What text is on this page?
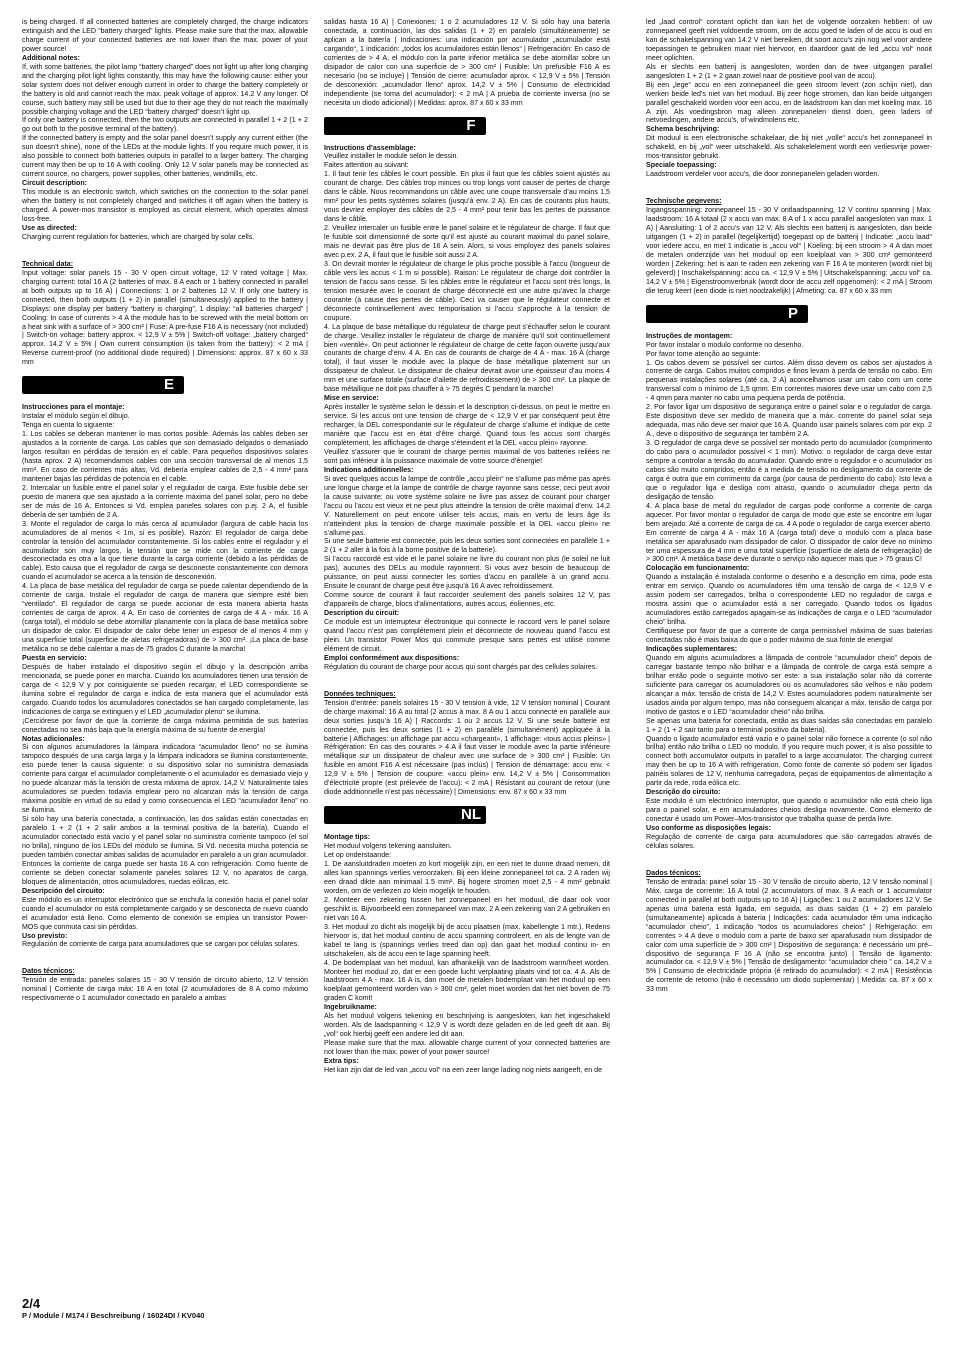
is being charged. If all connected batteries are completely charged, the charge indicators extinguish and the LED “battery charged” lights. Please make sure that the max. allowable charge current of your connected batteries are not lower than the max. power of your power source!

Additional notes:

If, with some batteries, the pilot lamp “battery charged” does not light up after long charging and the charging pilot light lights constantly, this may have the following cause: either your solar system does not deliver enough current in order to charge the battery completely or the battery is old and cannot reach the max. peak voltage of approx. 14.2 V any longer. Of course, such battery may still be used but due to their age they do not reach the maximally possible charging voltage and the LED “battery charged” doesn’t light up.

If only one battery is connected, then the two outputs are connected in parallel 1 + 2 (1 + 2 go out both to the positive terminal of the battery).

If the connected battery is empty and the solar panel doesn’t supply any current either (the sun doesn’t shine), none of the LEDs at the module lights. If you require much power, it is also possible to connect both batteries outputs in parallel to a larger battery. The charging current may then be up to 16 A with cooling. Only 12 V solar panels may be connected as current source, no chargers, power supplies, other batteries, windmills, etc.

Circuit description:

This module is an electronic switch, which switches on the connection to the solar panel when the battery is not completely charged and switches it off again when the battery is charged. A power-mos transistor is employed as circuit element, which operates almost loss-free.

Use as directed:

Charging current regulation for batteries, which are charged by solar cells.

Technical data:

Input voltage: solar panels 15 - 30 V open circuit voltage, 12 V rated voltage | Max. charging current: total 16 A (2 batteries of max. 8 A each or 1 battery connected in parallel at both outputs up to 16 A) | Connections: 1 or 2 batteries 12 V. If only one battery is connected, then both outputs (1 + 2) in parallel (simultaneously) applied to the battery | Displays: one display per battery “battery is charging”, 1 display: “all batteries charged” | Cooling: In case of currents > 4 A the module has to be screwed with the metal bottom on a heat sink with a surface of > 300 cm² | Fuse: A pre-fuse F16 A is necessary (not included) | Switch-on voltage: battery approx. < 12,9 V ± 5% | Switch-off voltage: „battery charged“ approx. 14,2 V ± 5% | Own current consumption (is taken from the battery): < 2 mA | Reverse current-proof (no additional diode required) | Dimensions: approx. 87 x 60 x 33 mm

E

Instrucciones para el montaje:

Instalar el módulo según el dibujo.

Tenga en cuenta lo siguiente:

1. Los cables se deberan mantener lo mas cortos posible. Además los cables deben ser ajustados a la corriente de carga. Los cables que son demasiado delgados o demasiado largos resultan en pérdidas de tensión en el cable. Para pequeños dispositivos solares (hasta aprox. 2 A) recomendamos cables con una sección transversal de al menos 1,5 mm². En caso de corrientes más altas, Vd. debería emplear cables de 2,5 - 4 mm² para mantener bajas las pérdidas de potencia en el cable.

2. Intercalar un fusible entre el panel solar y el regulador de carga. Este fusible debe ser puesto de manera que sea ajustado a la corriente máxima del panel solar, pero no debe ser de más de 16 A. Entonces si Vd. emplea paneles solares con p.ej. 2 A, el fusible debería de ser también de 2 A.

3. Monte el regulador de carga lo más cerca al acumulador (largura de cable hacia los acumuladores de al menos < 1m, si es posible). Razón: El regulador de carga debe controlar la tensión del acumulador constantemente. Si los cables entre el regulador y el acumulador son muy largos, la tensión que se mide con la corriente de carga desconectada es otra a la que tiene durante la carga corriente (debido a las pérdidas de cable). Esto causa que el regulador de carga se desconecte constantemente con demora cuando el acumulador se acerca a la tensión de desconexión.

4. La placa de base metálica del regulador de carga se puede calentar dependiendo de la corriente de carga. Instale el regulador de carga de manera que siempre esté bien “ventilado”. El regulador de carga se puede accionar de esta manera abierta hasta corrientes de carga de aprox. 4 A. En caso de corrientes de carga de 4 A - máx. 16 A (carga total), el módulo se debe atornillar planamente con la placa de base metálica sobre un disipador de calor. El disipador de calor debe tener un espesor de al menos 4 mm y una superficie total (superficie de aletas refrigeradoras) de > 300 cm². ¡La placa de base metálica no se debe calentar a mas de 75 grados C durante la marcha!

Puesta en servicio:

Después de haber instalado el dispositivo según el dibujo y la descripción arriba mencionada, se puede poner en marcha. Cuando los acumuladores tienen una tensión de carga de < 12,9 V y por consiguiente se pueden recargar, el LED correspondiente se ilumina sobre el regulador de carga e indica de esta manera que el acumulador está cargado. Cuando todos los acumuladores conectados se han cargado completamente, las indicaciones de carga se extinguen y el LED „acumulador pleno“ se ilumina.

¡Cerciórese por favor de que la corriente de carga máxima permitida de sus baterías conectadas no sea más baja que la energía máxima de su fuente de energía!

Notas adicionales:

Si con algunos acumuladores la lámpara indicadora “acumulador lleno” no se ilumina tampoco después de una carga larga y la lámpara indicadora se ilumina constantemente, eso puede tener la causa siguiente: o su dispositivo solar no suministra demasiada corriente para cargar el acumulador completamente o el acumulador es demasiado viejo y no puede alcanzar más la tensión de cresta máxima de aprox. 14,2 V. Naturalmente tales acumuladores se pueden todavía emplear pero no alcanzan más la tensión de carga máxima posible en virtud de su edad y como consecuencia el LED “acumulador lleno” no se ilumina.

Si sólo hay una batería conectada, a continuación, las dos salidas están conectadas en paralelo 1 + 2 (1 + 2 salir ambos a la terminal positiva de la batería). Cuando el acumulador conectado está vacío y el panel solar no suministra corriente tampoco (el sol no brilla), ninguno de los LEDs del módulo se ilumina. Si Vd. necesita mucha potencia se pueden también conectar ambas salidas de acumulador en paralelo a un gran acumulador. Entonces la corriente de carga puede ser hasta 16 A con refrigeración. Como fuente de corriente se deben conectar solamente paneles solares 12 V, no aparatos de carga, bloques de alimentación, otros acumuladores, ruedas eólicas, etc.

Descripción del circuito:

Este módulo es un interruptor electrónico que se enchufa la conexión hacia el panel solar cuando el acumulador no está completamente cargado y se desconecta de nuevo cuando el acumulador está lleno. Como elemento de conexión se emplea un transistor Power-MOS que conmuta casi sin pérdidas.

Uso previsto:

Regulación de corriente de carga para acumuladores que se cargan por células solares.

Datos técnicos:

Tensión de entrada: paneles solares 15 - 30 V tensión de circuito abierto, 12 V tensión nominal | Corriente de carga máx: 16 A en total (2 acumuladores de 8 A como máximo respectivamente o 1 acumulador conectado en paralelo a ambas

salidas hasta 16 A) | Conexiones: 1 o 2 acumuladores 12 V. Si sólo hay una batería conectada, a continuación, las dos salidas (1 + 2) en paralelo (simultáneamente) se aplican a la batería | Indicaciones: una indicación por acumulador „acumulador está cargando“, 1 indicación: „todos los acumuladores están llenos“ | Refrigeración: En caso de corrientes de > 4 A, el módulo con la parte inferior metálica se debe atornillar sobre un disipador de calor con una superficie de > 300 cm² | Fusible: Un prefusible F16 A es necesario (no se incluye) | Tensión de cierre: acumulador aprox. < 12,9 V ± 5% | Tensión de desconexión: „acumulador lleno“ aprox. 14,2 V ± 5% | Consumo de electricidad independiente (se toma del acumulador): < 2 mA | A prueba de corriente inversa (no se necesita un diodo adicional) | Medidas: aprox. 87 x 60 x 33 mm

F

Instructions d’assemblage:

Veuillez installer le module selon le dessin.

Faites attention au suivant:

1. Il faut tenir les câbles le court possible. En plus il faut que les câbles soient ajustés au courant de charge. Des câbles trop minces ou trop longs vont causer de pertes de charge dans le câble. Nous recommandons un câble avec une coupe transversale d’au moins 1,5 mm² pour les petits systèmes solaires (jusqu’à env. 2 A). En cas de courants plus hauts, vous devriez employer des câbles de 2,5 - 4 mm² pour tenir bas les pertes de puissance dans le câble.

2. Veuillez intercaler un fusible entre le panel solaire et le régulateur de charge. Il faut que le fusible soit dimensionné de sorte qu’il est ajusté au courant maximal du panel solaire, mais ne devrait pas être plus de 16 A sein. Alors, si vous employez des panels solaires avec p.ex. 2 A, il faut que le fusible soit aussi 2 A.

3. On devrait monter le régulateur de charge le plus proche possible à l’accu (longueur de câble vers les accus < 1 m si possible). Raison: Le régulateur de charge doit contrôler la tension de l’accu sans cesse. Si les câbles entre le régulateur et l’accu sont très longs, la tension mesurée avec le courant de charge déconnecté est une autre qu’avec la charge courante (à cause des pertes de câble). Ceci va causer que le régulateur connecte et déconnecte continuellement avec temporisation si l’accu s’approche à la tension de coupure.

4. La plaque de base métallique du régulateur de charge peut s’échauffer selon le courant de charge. Veuillez installer le régulateur de charge de manière qu’il soit continuellement bien «ventilé». On peut actionner le régulateur de charge de cette façon ouverte jusqu’aux courants de charge d’env. 4 A. En cas de courants de charge de 4 A - max. 16 A (charge total), il faut visser le module avec la plaque de base métallique platement sur un dissipateur de chaleur. Le dissipateur de chaleur devrait avoir une épaisseur d’au moins 4 mm et une surface totale (surface d’ailette de refroidissement) de > 300 cm². La plaque de base métallique ne doit pas chauffer à > 75 degrés C pendant la marche!

Mise en service:

Après installer le système selon le dessin et la description ci-dessus, on peut le mettre en service. Si les accus ont une tension de charge de < 12,9 V et par conséquent peut être recharger, la DEL correspondante sur le régulateur de charge s’allume et indique de cette manière que l’accu est en état d’être chargé. Quand tous les accus sont chargés complètement, les affichages de charge s’éteindent et la DEL «accu plein» rayonne.

Veuillez s’assurer que le courant de charge permis maximal de vos batteries reliées ne sont pas inférieur à la puissance maximale de votre source d’énergie!

Indications additionnelles:

Si avec quelques accus la lampe de contrôle „accu plein“ ne s’allume pas même pas après une longue charge et la lampe de contrôle de charge rayonne sans cesse, ceci peut avoir la cause suivante: ou votre système solaire ne livre pas assez de courant pour charger l’accu ou l’accu est vieux et ne peut plus atteindre la tension de crête maximal d’env. 14,2 V. Naturellement on peut encore utiliser tels accus, mais en vertu de leurs âge ils n’atteindent plus la tension de charge maximale possible et la DEL «accu plein» ne s’allume pas.

Si une seule batterie est connectée, puis les deux sorties sont connectées en parallèle 1 + 2 (1 + 2 aller à la fois à la borne positive de la batterie).

Si l’accu raccordé est vide et le panel solaire ne livre du courant non plus (le soleil ne luit pas), aucunes des DELs au module rayonnent. Si vous avez besoin de beaucoup de puissance, on peut aussi connecter les sorties d’accu en parallèle à un grand accu. Ensuite le courant de charge peut être jusqu’à 16 A avec refroidissement.

Comme source de courant il faut raccorder seulement des panels solaires 12 V, pas d’appareils de charge, blocs d’alimentations, autres accus, éoliennes, etc.

Description du circuit:

Ce module est un interrupteur électronique qui connecte le raccord vers le panel solaire quand l’accu n’est pas complètement plein et déconnecte de nouveau quand l’accu est plein. Un transistor Power Mos qui commute presque sans pertes est utilisé comme élément de circuit.

Emploi conformément aux dispositions:

Régulation du courant de charge pour accus qui sont chargés par des cellules solaires.

Données techniques:

Tension d’entrée: panels solaires 15 - 30 V tension à vide, 12 V tension nominal | Courant de charge maximal: 16 A au total (2 accus à max. 8 A ou 1 accu connecté en parallèle aux deux sorties jusqu’à 16 A) | Raccords: 1 ou 2 accus 12 V. Si une seule batterie est connectée, puis les deux sorties (1 + 2) en parallèle (simultanément) appliquée à la batterie | Affichages: un affichage par accu «chargeant», 1 affichage: «tous accus pleins» | Réfrigération: En cas des courants > 4 A il faut visser le module avec la partie inférieure métallique sur un dissipateur de chaleur avec une surface de > 300 cm² | Fusible: Un fusible en amont F16 A est nécessaire (pas inclus) | Tension de démarrage: accu env. < 12,9 V ± 5% | Tension de coupure: «accu plein» env. 14,2 V ± 5% | Consommation d’électricité propre (est prélevée de l’accu): < 2 mA | Résistant au courant de retour (une diode additionnelle n’est pas nécessaire) | Dimensions: env. 87 x 60 x 33 mm

NL

Montage tips:

Het moduul volgens tekening aansluiten.

Let op onderstaande:

1. De aansluitdraden moeten zo kort mogelijk zijn, en een niet te dunne draad nemen, dit alles kan spannings verlies veroorzaken. Bij een kleine zonnepaneel tot ca. 2 A raden wij een draad dikte aan minimaal 1.5 mm². Bij hogere stromen moet 2,5 - 4 mm² gebruikt worden, om de verliezen zo klein mogelijk te houden.

2. Monteer een zekering tussen het zonnepaneel en het moduul, die daar ook voor geschikt is. Bijvoorbeeld een zonnepaneel van max. 2 A een zekering van 2 A gebruiken en niet van 16 A.

3. Het moduul zo dicht als mogelijk bij de accu plaatsen (max. kabellengte 1 mtr.). Redens hiervoor is, dat het moduul continu de accu spanning controleert, en als de lengte van de kabel te lang is (spannings verlies treed dan op) dan gaat het moduul continu in- en uitschakelen, als de accu een te lage spanning heeft.

4. De bodemplaat van het moduul, kan afhankelijk van de laadstroom warm/heet worden. Monteer het moduul zo, dat er een goede lucht verplaating plaats vind tot ca. 4 A. Als de laadstroom 4 A - max. 16 A is, dan moet de metalen bodemplaat van het moduul op een koelplaat gemonteerd worden van > 300 cm², gelet moet worden dat het niet boven de 75 graden C komt!

Ingebruikname:

Als het moduul volgens tekening en beschrijving is aangesloten, kan het ingeschakeld worden. Als de laadspanning < 12,9 V is wordt deze geladen en de led geeft dit aan. Bij „vol“ ook hierbij geeft een andere led dit aan.

Please make sure that the max. allowable charge current of your connected batteries are not lower than the max. power of your power source!

Extra tips:

Het kan zijn dat de led van „accu vol“ na een zeer lange lading nog niets aangeeft, en de

led „laad control“ constant oplicht dan kan het de volgende oorzaken hebben: of uw zonnepaneel geeft niet voldoende stroom, om de accu goed te laden of de accu is oud en kan de schakelspanning van 14.2 V niet bereiken, dit soort accu’s zijn nog wel voor andere toepassingen te gebruiken maar niet hiervoor, en daardoor gaat de led „accu vol“ nooit meer oplichten.

Als er slechts een batterij is aangesloten, worden dan de twee uitgangen parallel aangesloten 1 + 2 (1 + 2 gaan zowel naar de positieve pool van de accu).

Bij een „lege“ accu en een zonnepaneel die geen stroom levert (zon schijn niet), dan werken beide led’s niet van het moduul. Bij zeer hoge stromen, dan kan beide uitgangen parallel geschakeld worden voor een accu, en de laadstroom kan dan met koeling max. 16 A zijn. Als voedingsbron mag alleen zonnepanelen dienst doen, geen laders of netvoedingen, andere accu’s, of windmolens etc.

Schema beschrijving:

Dit moduul is een electronische schakelaar, die bij niet „volle“ accu’s het zonnepaneel in schakeld, en bij „vol“ weer uitschakeld. Als schakelelement wordt een verliesvrije power-mos-transistor gebruikt.

Speciale toepassing:

Laadstroom verdeler voor accu’s, die door zonnepanelen geladen worden.

Technische gegevens:

Ingangsspanning: zonnepaneel 15 - 30 V ontlaadspanning, 12 V continu spanning | Max. laadstroom: 16 A totaal (2 x accu van max. 8 A of 1 x accu parallel aangesloten van max. 1 A) | Aansluiting: 1 of 2 accu’s van 12 V. Als slechts een batterij is aangesloten, dan beide uitgangen (1 + 2) in parallel (tegelijkertijd) toegepast op de batterij | Indicatie: „accu laad“ voor iedere accu, en met 1 indicatie is „accu vol“ | Koeling: bij een stroom > 4 A dan moet de metalen onderzijde van het moduul op een koelplaat van > 300 cm² gemonteerd worden | Zekering: het is aan te raden een zekering van F 16 A te monteren (wordt niet bij geleverd) | Inschakelspanning: accu ca. < 12,9 V ± 5% | Uitschakelspanning: „accu vol“ ca. 14,2 V ± 5% | Eigenstroomverbruik (wordt door de accu zelf opgenomen): < 2 mA | Stroom die terug keert (een diode is niet noodzakelijk) | Afmeting: ca. 87 x 60 x 33 mm

P

Instruções de montagem:

Por favor instalar o modulo conforme no desenho.

Por favor tome atenção ao seguinte:

1. Os cabos devem se possível ser curtos. Além disso devem os cabos ser ajustados à corrente de carga. Cabos muitos compridos e finos levam á perda de tensão no cabo. Em pequenas instalações solares (até ca. 2 A) aconcelhamos usar um cabo com um corte transversal com o mínimo de 1,5 qmm. Em correntes maiores deve usar um cabo com 2,5 - 4 qmm para manter no cabo uma pequena perda de potência.

2. Por favor ligar um dispositivo de segurança entre o painel solar e o regulador de carga. Este dispositivo deve ser medido de maneira que a máx. corrente do painel solar seja adequada, mas não deve ser maior que 16 A. Quando usar painels solares com por exp. 2 A , deve o dispositivo de segurança ter também 2 A.

3. O regulador de carga deve se possível ser montado perto do acumulador (comprimento do cabo para o acumulador possível < 1 mm). Motivo: o regulador de carga deve estar sempre a controlar a tensão do acumulador. Quando entre o regulador e o acumulador os cabos são muito compridos, então é a medida de tensão no desligamento da corrente de carga é outra que em corrimento da carga (por causa de perdimento do cabo). Isto leva a que o regulador liga e desliga com atraso, quando o acumulador chega perto da desligação de tensão.

4. A placa base de metal do regulador de cargas pode conforme a corrente de carga aquecer. Por favor montar o regulador de carga de modo que este se encontre em lugar bem arejado. Até a corrente de carga de ca. 4 A pode o regulador de carga exercer aberto. Em corrente de carga 4 A - máx 16 A (carga total) deve o modulo com a placa base metálica ser aparafusado num dissipador de calor. O dissipador de calor deve no mínimo ter uma espessura de 4 mm e uma total superfície (superfície de aleta de refrigeração) de > 300 cm². A metálica base deve durante o serviço não aquecer mais que > 75 graus C!

Colocação em funcionamento:

Quando a instalação é instalada conforme o desenho e a descrição em cima, pode esta entrar em serviço. Quando os acumuladores têm uma tensão de carga de < 12,9 V e assim podem ser carregados, brilha o correspondente LED no regulador de carga e mostra assim que o acumulador está a ser carregado. Quando todos os ligados acumuladores estão carregados apagam-se as indicações de carga e o LED “acumulador cheio” brilha.

Certifiquese por favor de que a corrente de carga permissível máxima de suas baterias conectadas não é mais baixa do que o poder máximo de sua fonte de energia!

Indicações suplementares:

Quando em alguns acumuladores a lâmpada de controle “acumulador cheio” depois de carregar bastante tempo não brilhar e a lâmpada de controle de carga está sempre a brilhar então pode o seguinte motivo ser este: a sua instalação solar não dá corrente suficiente para carregar os acumuladores ou os acumuladores são velhos e não podem alcançar a máx. tensão de crista de 14,2 V. Estes acumuladores podem naturalmente ser usados ainda por algum tempo, mas não conseguem alcançar a máx. tensão de carga por motivo de gastos e o LED “acumulador cheio” não brilha.

Se apenas uma bateria for conectada, então as duas saídas são conectadas em paralelo 1 + 2 (1 + 2 sair tanto para o terminal positivo da bateria).

Quando o ligado acumulador está vazio e o painel solar não fornece a corrente (o sol não brilha) então não brilha o LED no modulo. If you require much power, it is also possible to connect both accumulator outputs in parallel to a large accumulator. The charging current may then be up to 16 A with refrigeration. Como fonte de corrente só podem ser ligados painéis solares de 12 V, nenhuma carregadora, peças de equipamentos de alimentação a partir da rede, roda eólica etc.

Descrição do circuito:

Este modulo é um electrónico interruptor, que quando o acumulador não está cheio liga para o painel solar, e em acumuladores cheios desliga novamente. Como elemento de conectar é usado um Power–Mos-transistor que trabalha quase de perda livre.

Uso conforme as disposições legais:

Regulação de corrente de carga para acumuladores que são carregados através de células solares.

Dados técnicos:

Tensão de entrada: painel solar 15 - 30 V tensão de circuito aberto, 12 V tensão nominal | Máx. carga de corrente: 16 A total (2 accumulators of max. 8 A each or 1 accumulator connected in parallel at both outputs up to 16 A) | Ligações: 1 ou 2 acumuladores 12 V. Se apenas uma bateria está ligada, em seguida, as duas saídas (1 + 2) em paralelo (simultaneamente) aplicada à bateria | Indicações: cada acumulador têm uma indicação “acumulador cheio”, 1 indicação “todos os acumuladores cheios” | Refrigeração: em correntes > 4 A deve o modulo com a parte de baixo ser aparafusado num dissipador de calor com uma superfície de > 300 cm² | Dispositivo de segurança: é necessário um pré–dispositivo de segurança F 16 A (não se encontra junto) | Tensão de ligamento: acumulador ca. < 12,9 V ± 5% | Tensão de desligamento: “acumulador cheio ” ca. 14,2 V ± 5% | Consumo de electricidade própria (é retirado do acumulador): < 2 mA | Resistência de corrente de retorno (não é necessário um diodo suplementar) | Medida: ca. 87 x 60 x 33 mm

2/4
P / Module / M174 / Beschreibung / 16024DI / KV040
